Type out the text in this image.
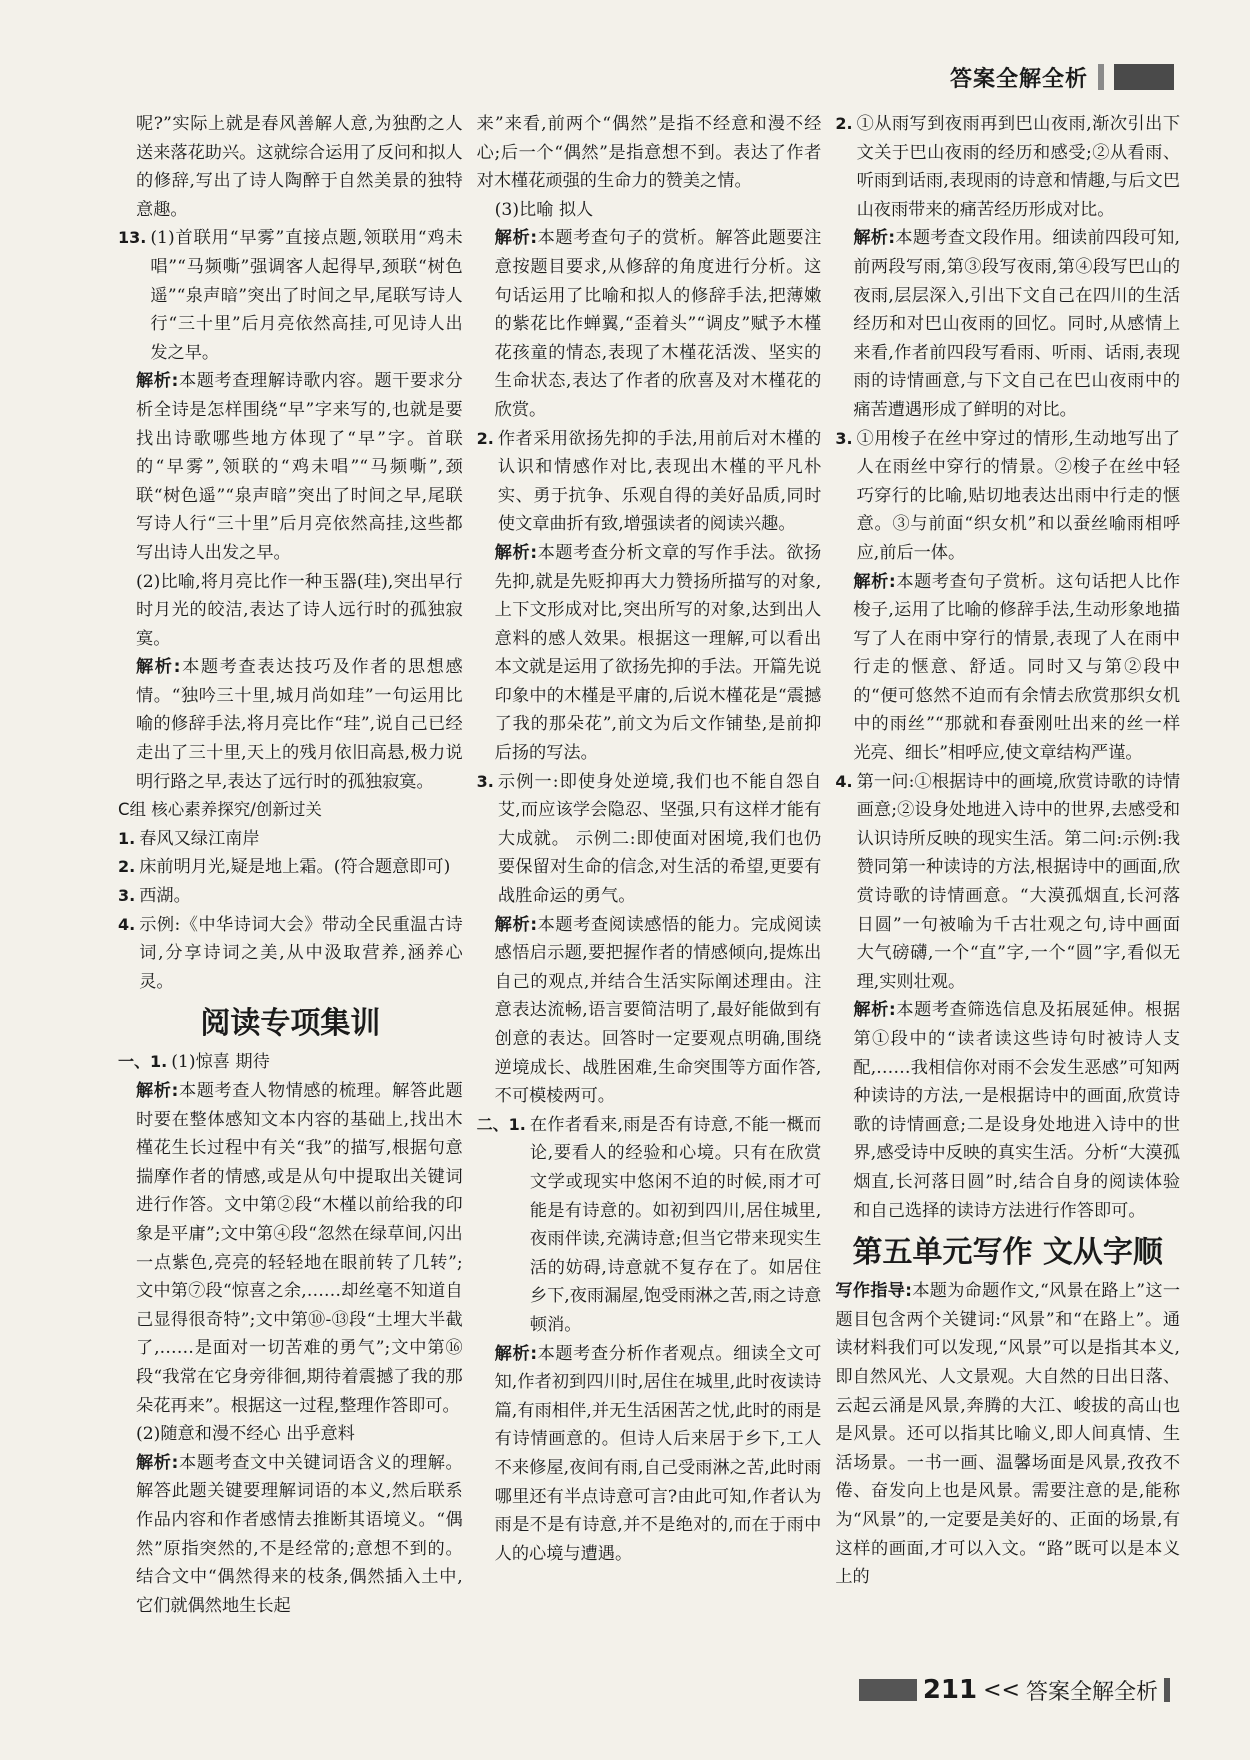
答案全解全析

呢?”实际上就是春风善解人意,为独酌之人送来落花助兴。这就综合运用了反问和拟人的修辞,写出了诗人陶醉于自然美景的独特意趣。

13. (1)首联用“早雾”直接点题,领联用“鸡未唱”“马频嘶”强调客人起得早,颈联“树色遥”“泉声暗”突出了时间之早,尾联写诗人行“三十里”后月亮依然高挂,可见诗人出发之早。

解析:本题考查理解诗歌内容。题干要求分析全诗是怎样围绕“早”字来写的,也就是要找出诗歌哪些地方体现了“早”字。首联的“早雾”,领联的“鸡未唱”“马频嘶”,颈联“树色遥”“泉声暗”突出了时间之早,尾联写诗人行“三十里”后月亮依然高挂,这些都写出诗人出发之早。

(2)比喻,将月亮比作一种玉器(珪),突出早行时月光的皎洁,表达了诗人远行时的孤独寂寞。

解析:本题考查表达技巧及作者的思想感情。“独吟三十里,城月尚如珪”一句运用比喻的修辞手法,将月亮比作“珪”,说自己已经走出了三十里,天上的残月依旧高悬,极力说明行路之早,表达了远行时的孤独寂寞。

C组 核心素养探究/创新过关

1. 春风又绿江南岸

2. 床前明月光,疑是地上霜。(符合题意即可)

3. 西湖。

4. 示例:《中华诗词大会》带动全民重温古诗词,分享诗词之美,从中汲取营养,涵养心灵。

阅读专项集训
一、1. (1)惊喜 期待

解析:本题考查人物情感的梳理。解答此题时要在整体感知文本内容的基础上,找出木槿花生长过程中有关“我”的描写,根据句意揣摩作者的情感,或是从句中提取出关键词进行作答。文中第②段“木槿以前给我的印象是平庸”;文中第④段“忽然在绿草间,闪出一点紫色,亮亮的轻轻地在眼前转了几转”;文中第⑦段“惊喜之余,……却丝毫不知道自己显得很奇特”;文中第⑩-⑬段“土埋大半截了,……是面对一切苦难的勇气”;文中第⑯段“我常在它身旁徘徊,期待着震撼了我的那朵花再来”。根据这一过程,整理作答即可。

(2)随意和漫不经心 出乎意料

解析:本题考查文中关键词语含义的理解。解答此题关键要理解词语的本义,然后联系作品内容和作者感情去推断其语境义。“偶然”原指突然的,不是经常的;意想不到的。结合文中“偶然得来的枝条,偶然插入土中,它们就偶然地生长起

来”来看,前两个“偶然”是指不经意和漫不经心;后一个“偶然”是指意想不到。表达了作者对木槿花顽强的生命力的赞美之情。

(3)比喻 拟人

解析:本题考查句子的赏析。解答此题要注意按题目要求,从修辞的角度进行分析。这句话运用了比喻和拟人的修辞手法,把薄嫩的紫花比作蝉翼,“歪着头”“调皮”赋予木槿花孩童的情态,表现了木槿花活泼、坚实的生命状态,表达了作者的欣喜及对木槿花的欣赏。

2. 作者采用欲扬先抑的手法,用前后对木槿的认识和情感作对比,表现出木槿的平凡朴实、勇于抗争、乐观自得的美好品质,同时使文章曲折有致,增强读者的阅读兴趣。

解析:本题考查分析文章的写作手法。欲扬先抑,就是先贬抑再大力赞扬所描写的对象,上下文形成对比,突出所写的对象,达到出人意料的感人效果。根据这一理解,可以看出本文就是运用了欲扬先抑的手法。开篇先说印象中的木槿是平庸的,后说木槿花是“震撼了我的那朵花”,前文为后文作铺垫,是前抑后扬的写法。

3. 示例一:即使身处逆境,我们也不能自怨自艾,而应该学会隐忍、坚强,只有这样才能有大成就。 示例二:即使面对困境,我们也仍要保留对生命的信念,对生活的希望,更要有战胜命运的勇气。

解析:本题考查阅读感悟的能力。完成阅读感悟启示题,要把握作者的情感倾向,提炼出自己的观点,并结合生活实际阐述理由。注意表达流畅,语言要简洁明了,最好能做到有创意的表达。回答时一定要观点明确,围绕逆境成长、战胜困难,生命突围等方面作答,不可模棱两可。

二、1. 在作者看来,雨是否有诗意,不能一概而论,要看人的经验和心境。只有在欣赏文学或现实中悠闲不迫的时候,雨才可能是有诗意的。如初到四川,居住城里,夜雨伴读,充满诗意;但当它带来现实生活的妨碍,诗意就不复存在了。如居住乡下,夜雨漏屋,饱受雨淋之苦,雨之诗意顿消。

解析:本题考查分析作者观点。细读全文可知,作者初到四川时,居住在城里,此时夜读诗篇,有雨相伴,并无生活困苦之忧,此时的雨是有诗情画意的。但诗人后来居于乡下,工人不来修屋,夜间有雨,自己受雨淋之苦,此时雨哪里还有半点诗意可言?由此可知,作者认为雨是不是有诗意,并不是绝对的,而在于雨中人的心境与遭遇。

2. ①从雨写到夜雨再到巴山夜雨,渐次引出下文关于巴山夜雨的经历和感受;②从看雨、听雨到话雨,表现雨的诗意和情趣,与后文巴山夜雨带来的痛苦经历形成对比。

解析:本题考查文段作用。细读前四段可知,前两段写雨,第③段写夜雨,第④段写巴山的夜雨,层层深入,引出下文自己在四川的生活经历和对巴山夜雨的回忆。同时,从感情上来看,作者前四段写看雨、听雨、话雨,表现雨的诗情画意,与下文自己在巴山夜雨中的痛苦遭遇形成了鲜明的对比。

3. ①用梭子在丝中穿过的情形,生动地写出了人在雨丝中穿行的情景。②梭子在丝中轻巧穿行的比喻,贴切地表达出雨中行走的惬意。③与前面“织女机”和以蚕丝喻雨相呼应,前后一体。

解析:本题考查句子赏析。这句话把人比作梭子,运用了比喻的修辞手法,生动形象地描写了人在雨中穿行的情景,表现了人在雨中行走的惬意、舒适。同时又与第②段中的“便可悠然不迫而有余情去欣赏那织女机中的雨丝”“那就和春蚕刚吐出来的丝一样光亮、细长”相呼应,使文章结构严谨。

4. 第一问:①根据诗中的画境,欣赏诗歌的诗情画意;②设身处地进入诗中的世界,去感受和认识诗所反映的现实生活。第二问:示例:我赞同第一种读诗的方法,根据诗中的画面,欣赏诗歌的诗情画意。“大漠孤烟直,长河落日圆”一句被喻为千古壮观之句,诗中画面大气磅礴,一个“直”字,一个“圆”字,看似无理,实则壮观。

解析:本题考查筛选信息及拓展延伸。根据第①段中的“读者读这些诗句时被诗人支配,……我相信你对雨不会发生恶感”可知两种读诗的方法,一是根据诗中的画面,欣赏诗歌的诗情画意;二是设身处地进入诗中的世界,感受诗中反映的真实生活。分析“大漠孤烟直,长河落日圆”时,结合自身的阅读体验和自己选择的读诗方法进行作答即可。

第五单元写作 文从字顺

写作指导:本题为命题作文,“风景在路上”这一题目包含两个关键词:“风景”和“在路上”。通读材料我们可以发现,“风景”可以是指其本义,即自然风光、人文景观。大自然的日出日落、云起云涌是风景,奔腾的大江、峻拔的高山也是风景。还可以指其比喻义,即人间真情、生活场景。一书一画、温馨场面是风景,孜孜不倦、奋发向上也是风景。需要注意的是,能称为“风景”的,一定要是美好的、正面的场景,有这样的画面,才可以入文。“路”既可以是本义上的

211 << 答案全解全析
